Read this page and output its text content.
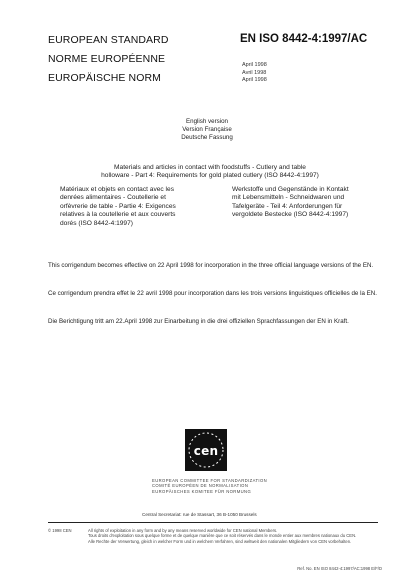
EUROPEAN STANDARD
NORME EUROPÉENNE
EUROPÄISCHE NORM
EN ISO 8442-4:1997/AC
April 1998
Avril 1998
April 1998
English version
Version Française
Deutsche Fassung
Materials and articles in contact with foodstuffs - Cutlery and table
holloware - Part 4: Requirements for gold plated cutlery (ISO 8442-4:1997)
Matériaux et objets en contact avec les
denrées alimentaires - Coutellerie et
orfèvrerie de table - Partie 4: Exigences
relatives à la coutellerie et aux couverts
dorés (ISO 8442-4:1997)
Werkstoffe und Gegenstände in Kontakt
mit Lebensmitteln - Schneidwaren und
Tafelgeräte - Teil 4: Anforderungen für
vergoldete Bestecke (ISO 8442-4:1997)
This corrigendum becomes effective on 22 April 1998 for incorporation in the three official language versions of the EN.
Ce corrigendum prendra effet le 22 avril 1998 pour incorporation dans les trois versions linguistiques officielles de la EN.
Die Berichtigung tritt am 22.April 1998 zur Einarbeitung in die drei offiziellen Sprachfassungen der EN in Kraft.
cen
EUROPEAN COMMITTEE FOR STANDARDIZATION
COMITÉ EUROPÉEN DE NORMALISATION
EUROPÄISCHES KOMITEE FÜR NORMUNG
Central Secretariat: rue de Stassart, 36 B-1050 Brussels
© 1998 CEN	All rights of exploitation in any form and by any means reserved worldwide for CEN national Members.
Tous droits d'exploitation sous quelque forme et de quelque manière que ce soit réservés dans le monde entier aux membres nationaux du CEN.
Alle Rechte der Verwertung, gleich in welcher Form und in welchem Verfahren, sind weltweit den nationalen Mitgliedern von CEN vorbehalten.
Ref. No. EN ISO 8442-4:1997/AC:1998 E/F/D
